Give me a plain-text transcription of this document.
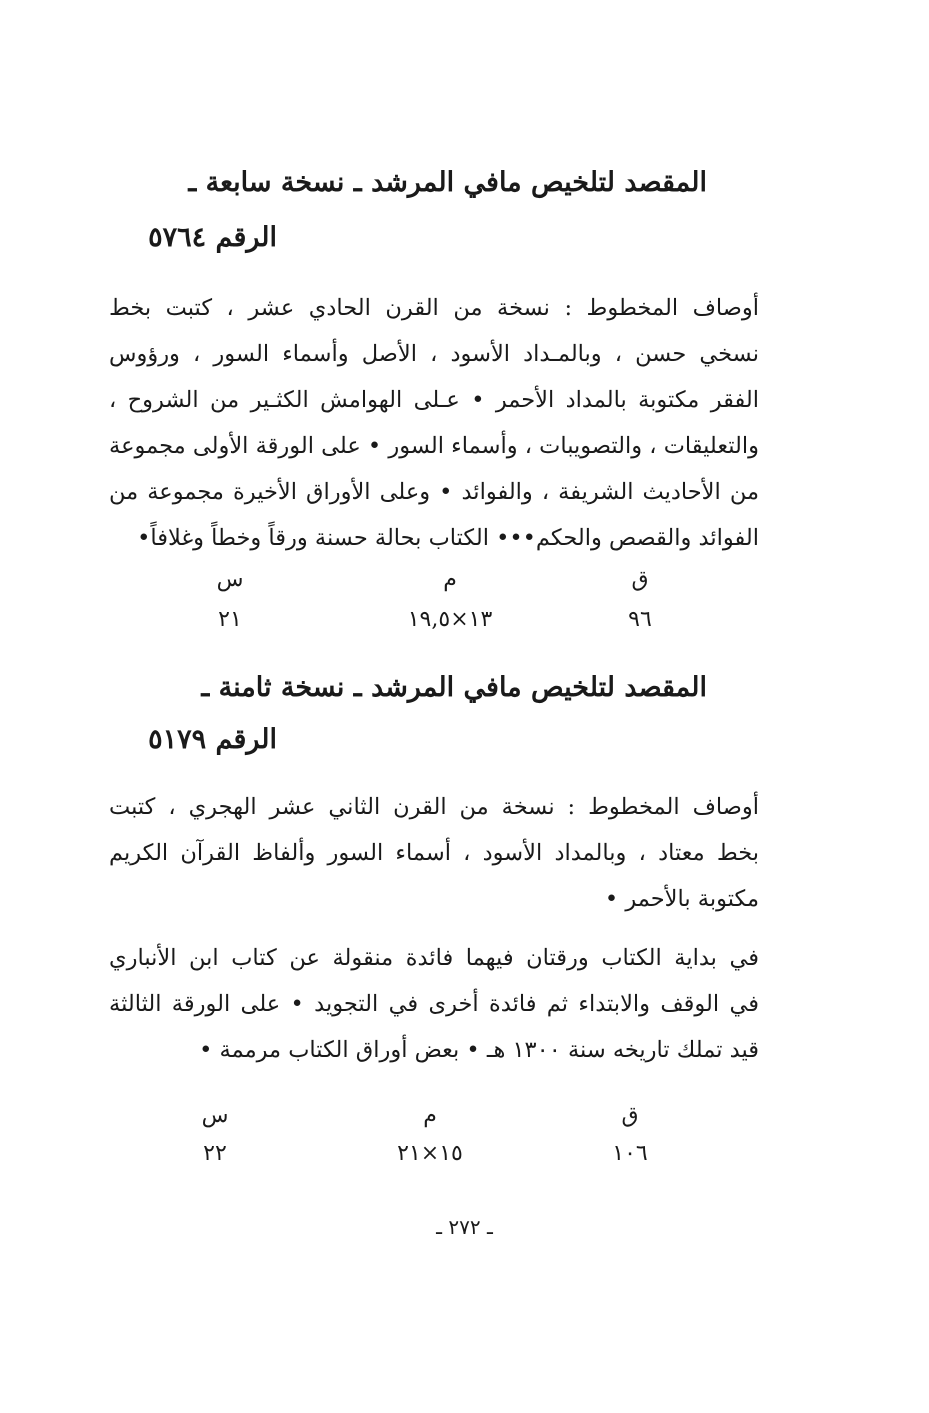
المقصد لتلخيص مافي المرشد ـ نسخة سابعة ـ
الرقم ٥٧٦٤
أوصاف المخطوط : نسخة من القرن الحادي عشر ، كتبت بخط
نسخي حسن ، وبالمـداد الأسود ، الأصل وأسماء السور ، ورؤوس
الفقر مكتوبة بالمداد الأحمر • عـلى الهوامش الكثـير من الشروح ،
والتعليقات ، والتصويبات ، وأسماء السور • على الورقة الأولى مجموعة
من الأحاديث الشريفة ، والفوائد • وعلى الأوراق الأخيرة مجموعة من
الفوائد والقصص والحكم••• الكتاب بحالة حسنة ورقاً وخطاً وغلافاً•
ق
م
س
٩٦
١٣×١٩,٥
٢١
المقصد لتلخيص مافي المرشد ـ نسخة ثامنة ـ
الرقم ٥١٧٩
أوصاف المخطوط : نسخة من القرن الثاني عشر الهجري ، كتبت
بخط معتاد ، وبالمداد الأسود ، أسماء السور وألفاظ القرآن الكريم
مكتوبة بالأحمر •
في بداية الكتاب ورقتان فيهما فائدة منقولة عن كتاب ابن الأنباري
في الوقف والابتداء ثم فائدة أخرى في التجويد • على الورقة الثالثة
قيد تملك تاريخه سنة ١٣٠٠ هـ • بعض أوراق الكتاب مرممة •
ق
م
س
١٠٦
١٥×٢١
٢٢
ـ ٢٧٢ ـ
